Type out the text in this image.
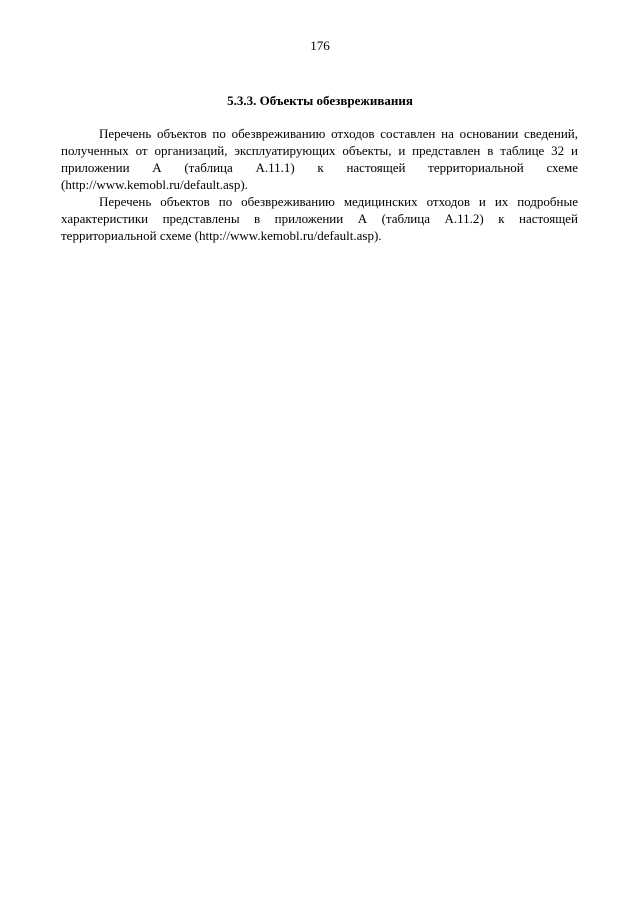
176
5.3.3. Объекты обезвреживания

Перечень объектов по обезвреживанию отходов составлен на основании сведений, полученных от организаций, эксплуатирующих объекты, и представлен в таблице 32 и приложении А (таблица А.11.1) к настоящей территориальной схеме (http://www.kemobl.ru/default.asp).

Перечень объектов по обезвреживанию медицинских отходов и их подробные характеристики представлены в приложении А (таблица А.11.2) к настоящей территориальной схеме (http://www.kemobl.ru/default.asp).
